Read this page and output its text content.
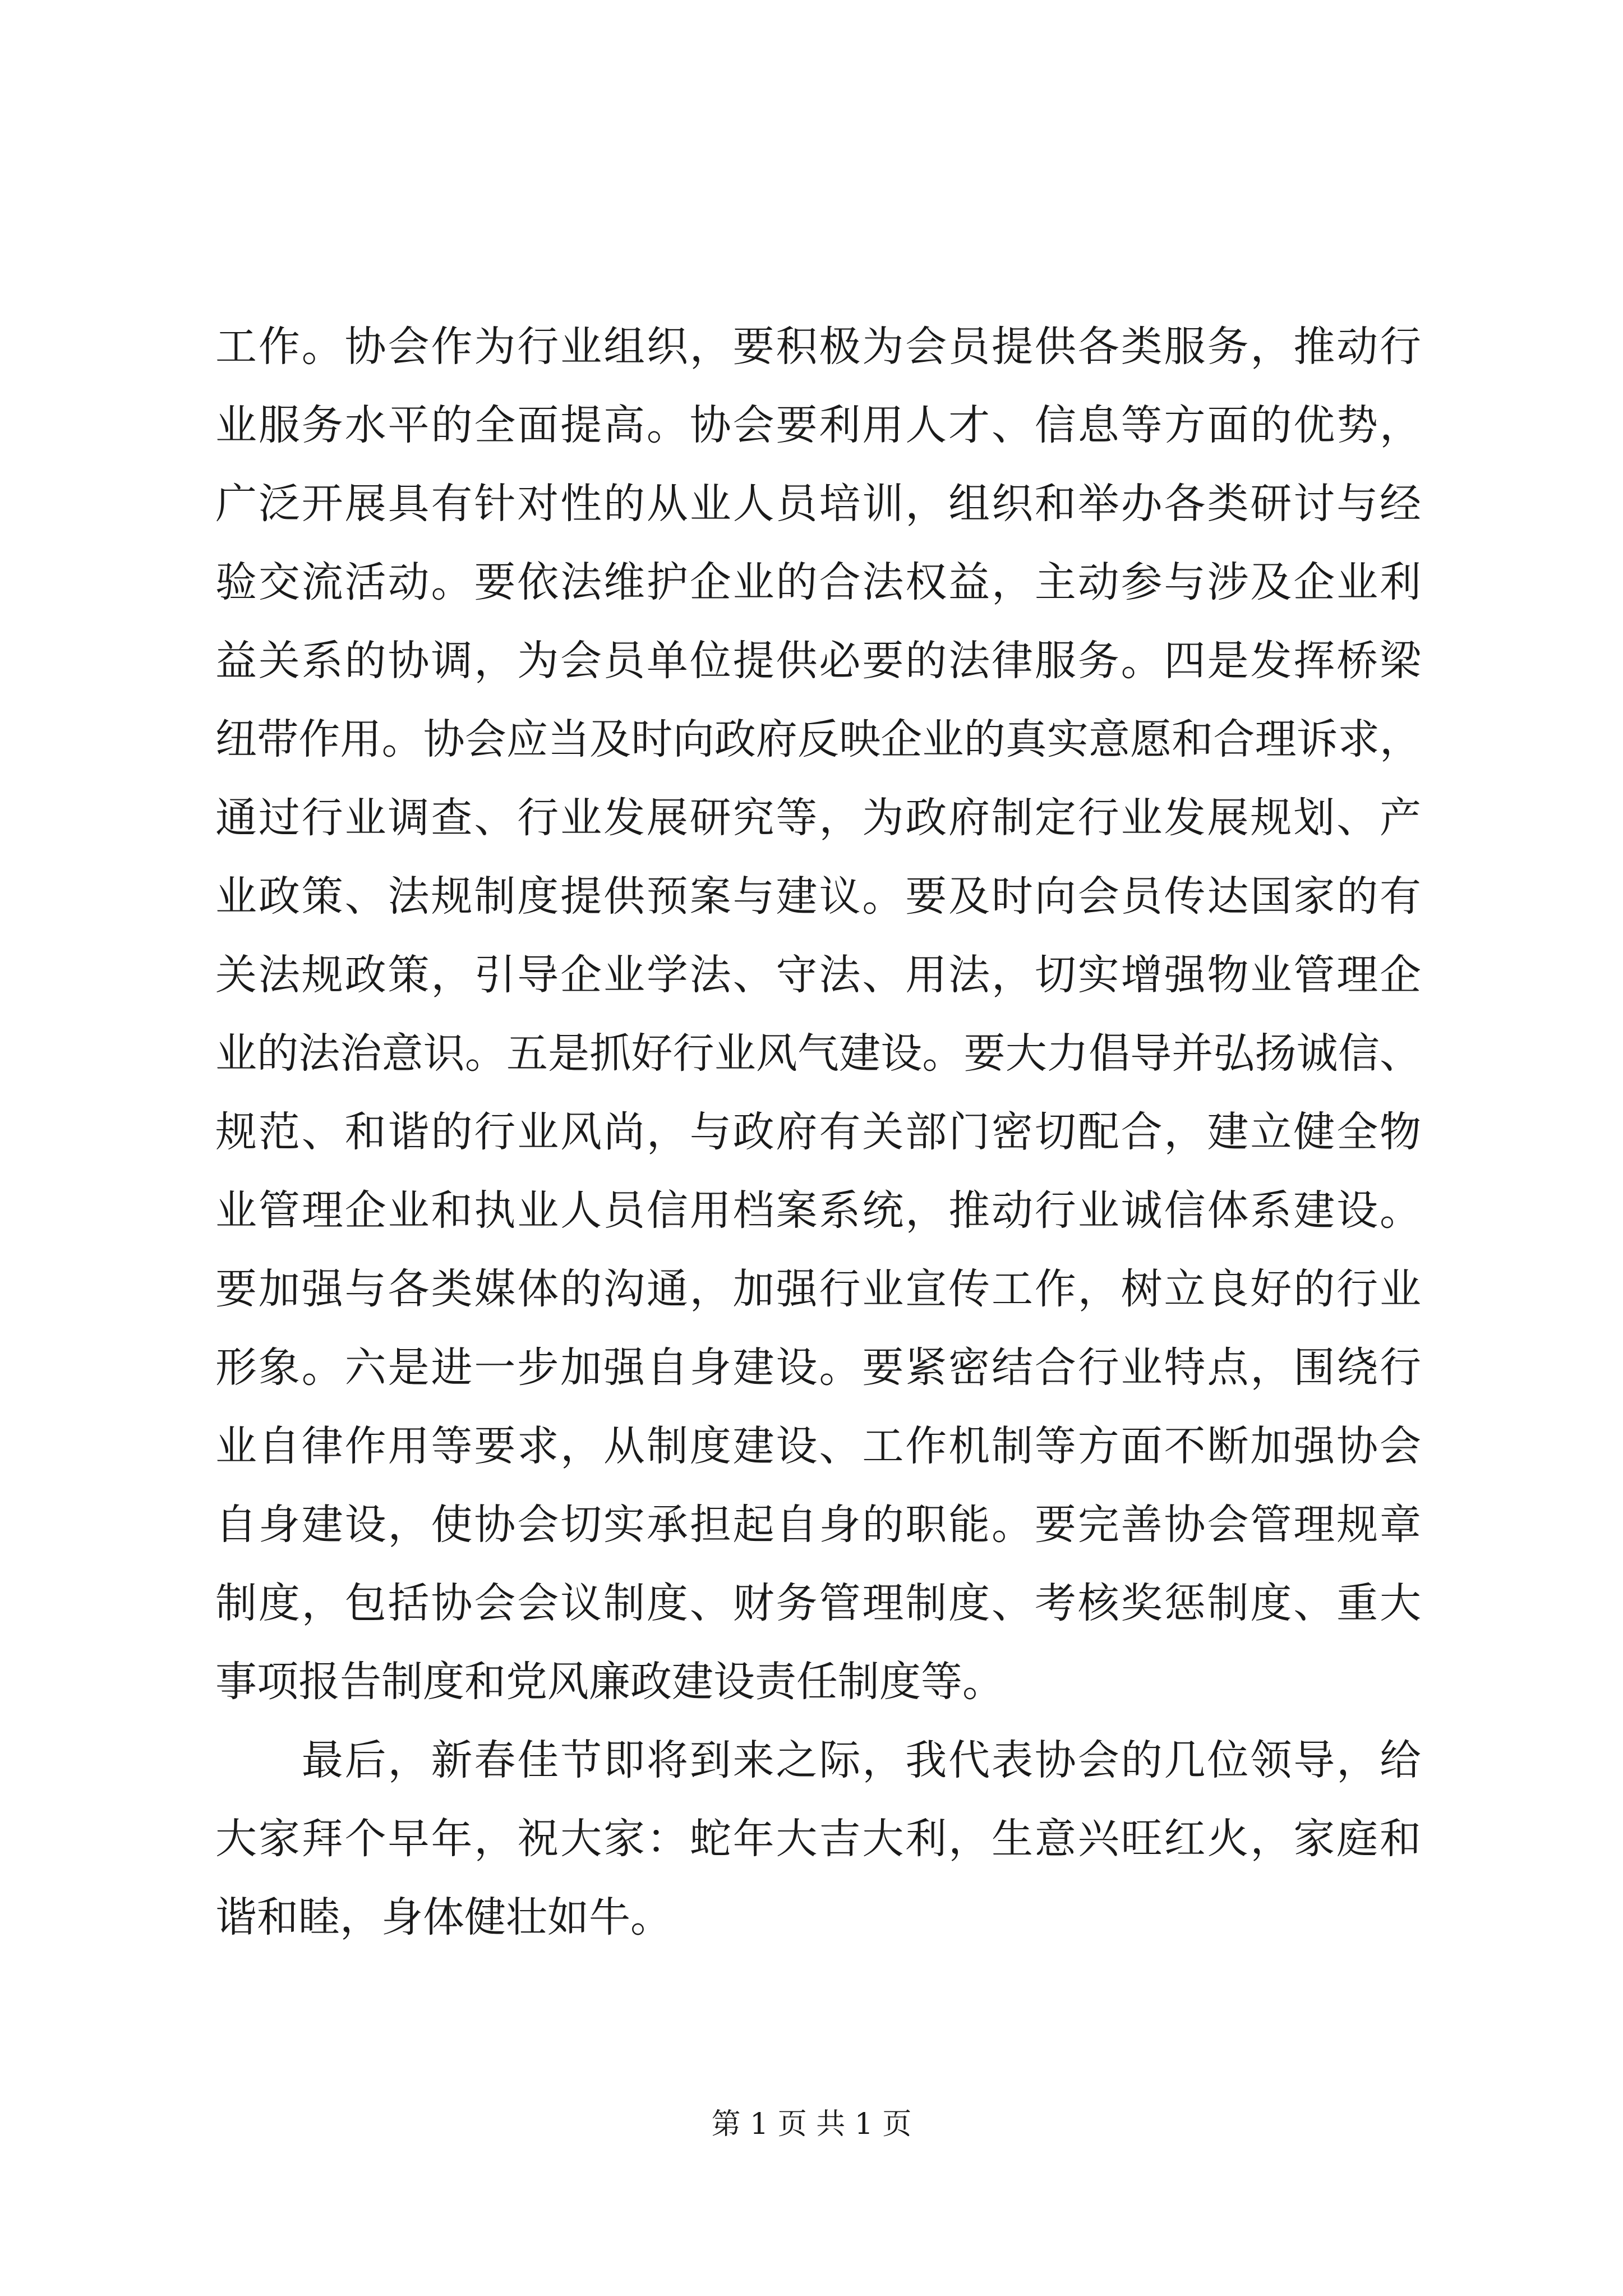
工作。协会作为行业组织，要积极为会员提供各类服务，推动行
业服务水平的全面提高。协会要利用人才、信息等方面的优势，
广泛开展具有针对性的从业人员培训，组织和举办各类研讨与经
验交流活动。要依法维护企业的合法权益，主动参与涉及企业利
益关系的协调，为会员单位提供必要的法律服务。四是发挥桥梁
纽带作用。协会应当及时向政府反映企业的真实意愿和合理诉求，
通过行业调查、行业发展研究等，为政府制定行业发展规划、产
业政策、法规制度提供预案与建议。要及时向会员传达国家的有
关法规政策，引导企业学法、守法、用法，切实增强物业管理企
业的法治意识。五是抓好行业风气建设。要大力倡导并弘扬诚信、
规范、和谐的行业风尚，与政府有关部门密切配合，建立健全物
业管理企业和执业人员信用档案系统，推动行业诚信体系建设。
要加强与各类媒体的沟通，加强行业宣传工作，树立良好的行业
形象。六是进一步加强自身建设。要紧密结合行业特点，围绕行
业自律作用等要求，从制度建设、工作机制等方面不断加强协会
自身建设，使协会切实承担起自身的职能。要完善协会管理规章
制度，包括协会会议制度、财务管理制度、考核奖惩制度、重大
事项报告制度和党风廉政建设责任制度等。
　　最后，新春佳节即将到来之际，我代表协会的几位领导，给
大家拜个早年，祝大家：蛇年大吉大利，生意兴旺红火，家庭和
谐和睦，身体健壮如牛。
第 1 页 共 1 页
